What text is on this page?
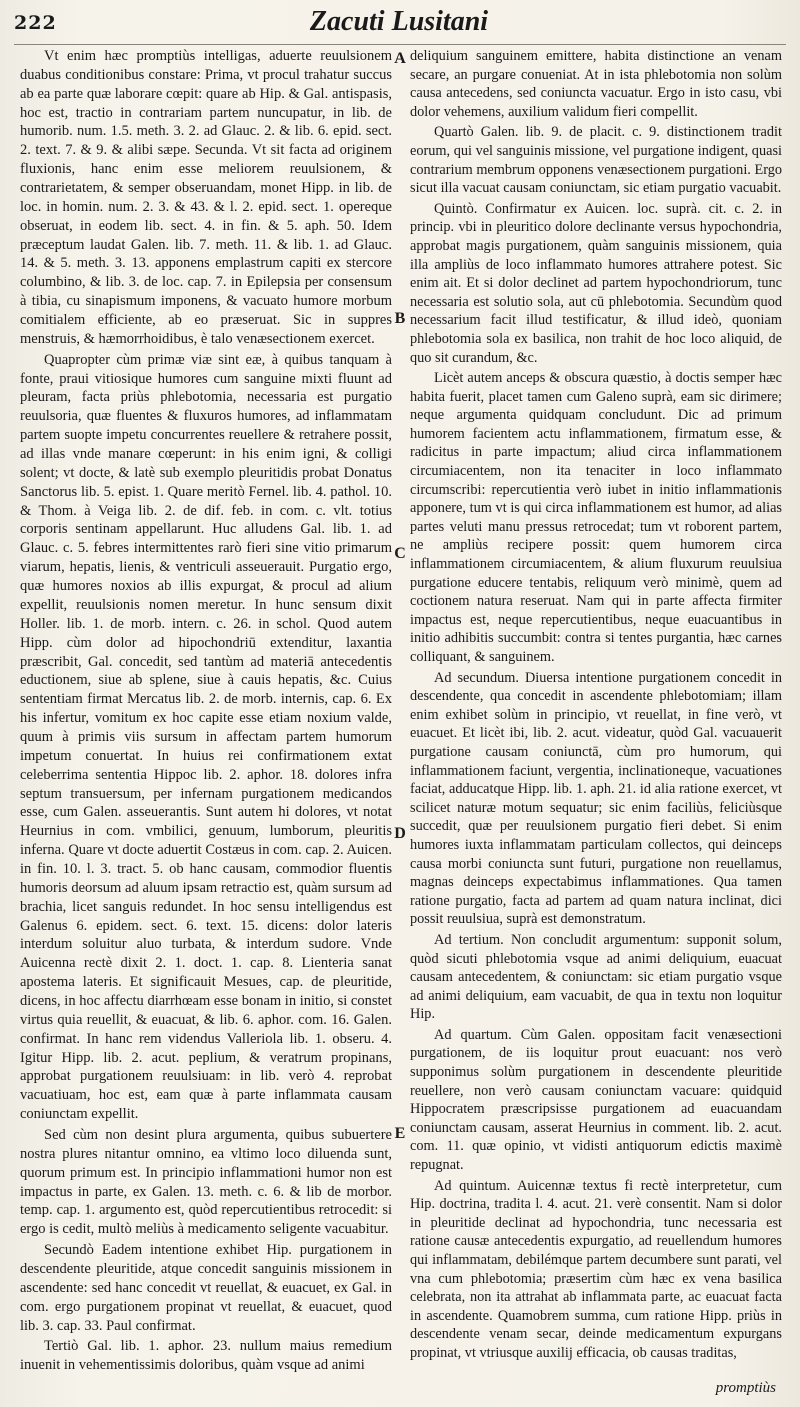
222	Zacuti Lusitani

Vt enim hæc promptiùs intelligas, aduerte reuulsionem duabus conditionibus constare: Prima, vt procul trahatur succus ab ea parte quæ laborare cœpit: quare ab Hip. & Gal. antispasis, hoc est, tractio in contrariam partem nuncupatur, in lib. de humorib. num. 1.5. meth. 3. 2. ad Glauc. 2. & lib. 6. epid. sect. 2. text. 7. & 9. & alibi sæpe. Secunda. Vt sit facta ad originem fluxionis, hanc enim esse meliorem reuulsionem, & contrarietatem, & semper obseruandam, monet Hipp. in lib. de loc. in homin. num. 2. 3. & 43. & l. 2. epid. sect. 1. opereque obseruat, in eodem lib. sect. 4. in fin. & 5. aph. 50. Idem præceptum laudat Galen. lib. 7. meth. 11. & lib. 1. ad Glauc. 14. & 5. meth. 3. 13. apponens emplastrum capiti ex stercore columbino, & lib. 3. de loc. cap. 7. in Epilepsia per consensum à tibia, cu sinapismum imponens, & vacuato humore morbum comitialem efficiente, ab eo præseruat. Sic in suppres menstruis, & hæmorrhoidibus, è talo venæsectionem exercet.

Quapropter cùm primæ viæ sint eæ, à quibus tanquam à fonte, praui vitiosique humores cum sanguine mixti fluunt ad pleuram, facta priùs phlebotomia, necessaria est purgatio reuulsoria, quæ fluentes & fluxuros humores, ad inflammatam partem suopte impetu concurrentes reuellere & retrahere possit, ad illas vnde manare cœperunt: in his enim igni, & colligi solent; vt docte, & latè sub exemplo pleuritidis probat Donatus Sanctorus lib. 5. epist. 1. Quare meritò Fernel. lib. 4. pathol. 10. & Thom. à Veiga lib. 2. de dif. feb. in com. c. vlt. totius corporis sentinam appellarunt. Huc alludens Gal. lib. 1. ad Glauc. c. 5. febres intermittentes rarò fieri sine vitio primarum viarum, hepatis, lienis, & ventriculi asseuerauit. Purgatio ergo, quæ humores noxios ab illis expurgat, & procul ad alium expellit, reuulsionis nomen meretur. In hunc sensum dixit Holler. lib. 1. de morb. intern. c. 26. in schol. Quod autem Hipp. cùm dolor ad hipochondriū extenditur, laxantia præscribit, Gal. concedit, sed tantùm ad materiā antecedentis eductionem, siue ab splene, siue à cauis hepatis, &c. Cuius sententiam firmat Mercatus lib. 2. de morb. internis, cap. 6. Ex his infertur, vomitum ex hoc capite esse etiam noxium valde, quum à primis viis sursum in affectam partem humorum impetum conuertat. In huius rei confirmationem extat celeberrima sententia Hippoc lib. 2. aphor. 18. dolores infra septum transuersum, per infernam purgationem medicandos esse, cum Galen. asseuerantis. Sunt autem hi dolores, vt notat Heurnius in com. vmbilici, genuum, lumborum, pleuritis inferna. Quare vt docte aduertit Costæus in com. cap. 2. Auicen. in fin. 10. l. 3. tract. 5. ob hanc causam, commodior fluentis humoris deorsum ad aluum ipsam retractio est, quàm sursum ad brachia, licet sanguis redundet. In hoc sensu intelligendus est Galenus 6. epidem. sect. 6. text. 15. dicens: dolor lateris interdum soluitur aluo turbata, & interdum sudore. Vnde Auicenna rectè dixit 2. 1. doct. 1. cap. 8. Lienteria sanat apostema lateris. Et significauit Mesues, cap. de pleuritide, dicens, in hoc affectu diarrhœam esse bonam in initio, si constet virtus quia reuellit, & euacuat, & lib. 6. aphor. com. 16. Galen. confirmat. In hanc rem videndus Valleriola lib. 1. obseru. 4. Igitur Hipp. lib. 2. acut. peplium, & veratrum propinans, approbat purgationem reuulsiuam: in lib. verò 4. reprobat vacuatiuam, hoc est, eam quæ à parte inflammata causam coniunctam expellit.

Sed cùm non desint plura argumenta, quibus subuertere nostra plures nitantur omnino, ea vltimo loco diluenda sunt, quorum primum est. In principio inflammationi humor non est impactus in parte, ex Galen. 13. meth. c. 6. & lib de morbor. temp. cap. 1. argumento est, quòd repercutientibus retrocedit: si ergo is cedit, multò meliùs à medicamento seligente vacuabitur.

Secundò Eadem intentione exhibet Hip. purgationem in descendente pleuritide, atque concedit sanguinis missionem in ascendente: sed hanc concedit vt reuellat, & euacuet, ex Gal. in com. ergo purgationem propinat vt reuellat, & euacuet, quod lib. 3. cap. 33. Paul confirmat.

Tertiò Gal. lib. 1. aphor. 23. nullum maius remedium inuenit in vehementissimis doloribus, quàm vsque ad animi

A
B
C
D
E

deliquium sanguinem emittere, habita distinctione an venam secare, an purgare conueniat. At in ista phlebotomia non solùm causa antecedens, sed coniuncta vacuatur. Ergo in isto casu, vbi dolor vehemens, auxilium validum fieri compellit.

Quartò Galen. lib. 9. de placit. c. 9. distinctionem tradit eorum, qui vel sanguinis missione, vel purgatione indigent, quasi contrarium membrum opponens venæsectionem purgationi. Ergo sicut illa vacuat causam coniunctam, sic etiam purgatio vacuabit.

Quintò. Confirmatur ex Auicen. loc. suprà. cit. c. 2. in princip. vbi in pleuritico dolore declinante versus hypochondria, approbat magis purgationem, quàm sanguinis missionem, quia illa ampliùs de loco inflammato humores attrahere potest. Sic enim ait. Et si dolor declinet ad partem hypochondriorum, tunc necessaria est solutio sola, aut cū phlebotomia. Secundùm quod necessarium facit illud testificatur, & illud ideò, quoniam phlebotomia sola ex basilica, non trahit de hoc loco aliquid, de quo sit curandum, &c.

Licèt autem anceps & obscura quæstio, à doctis semper hæc habita fuerit, placet tamen cum Galeno suprà, eam sic dirimere; neque argumenta quidquam concludunt. Dic ad primum humorem facientem actu inflammationem, firmatum esse, & radicitus in parte impactum; aliud circa inflammationem circumiacentem, non ita tenaciter in loco inflammato circumscribi: repercutientia verò iubet in initio inflammationis apponere, tum vt is qui circa inflammationem est humor, ad alias partes veluti manu pressus retrocedat; tum vt roborent partem, ne ampliùs recipere possit: quem humorem circa inflammationem circumiacentem, & alium fluxurum reuulsiua purgatione educere tentabis, reliquum verò minimè, quem ad coctionem natura reseruat. Nam qui in parte affecta firmiter impactus est, neque repercutientibus, neque euacuantibus in initio adhibitis succumbit: contra si tentes purgantia, hæc carnes colliquant, & sanguinem.

Ad secundum. Diuersa intentione purgationem concedit in descendente, qua concedit in ascendente phlebotomiam; illam enim exhibet solùm in principio, vt reuellat, in fine verò, vt euacuet. Et licèt ibi, lib. 2. acut. videatur, quòd Gal. vacuauerit purgatione causam coniunctā, cùm pro humorum, qui inflammationem faciunt, vergentia, inclinationeque, vacuationes faciat, adducatque Hipp. lib. 1. aph. 21. id alia ratione exercet, vt scilicet naturæ motum sequatur; sic enim faciliùs, feliciùsque succedit, quæ per reuulsionem purgatio fieri debet. Si enim humores iuxta inflammatam particulam collectos, qui deinceps causa morbi coniuncta sunt futuri, purgatione non reuellamus, magnas deinceps expectabimus inflammationes. Qua tamen ratione purgatio, facta ad partem ad quam natura inclinat, dici possit reuulsiua, suprà est demonstratum.

Ad tertium. Non concludit argumentum: supponit solum, quòd sicuti phlebotomia vsque ad animi deliquium, euacuat causam antecedentem, & coniunctam: sic etiam purgatio vsque ad animi deliquium, eam vacuabit, de qua in textu non loquitur Hip.

Ad quartum. Cùm Galen. oppositam facit venæsectioni purgationem, de iis loquitur prout euacuant: nos verò supponimus solùm purgationem in descendente pleuritide reuellere, non verò causam coniunctam vacuare: quidquid Hippocratem præscripsisse purgationem ad euacuandam coniunctam causam, asserat Heurnius in comment. lib. 2. acut. com. 11. quæ opinio, vt vidisti antiquorum edictis maximè repugnat.

Ad quintum. Auicennæ textus fi rectè interpretetur, cum Hip. doctrina, tradita l. 4. acut. 21. verè consentit. Nam si dolor in pleuritide declinat ad hypochondria, tunc necessaria est ratione causæ antecedentis expurgatio, ad reuellendum humores qui inflammatam, debilémque partem decumbere sunt parati, vel vna cum phlebotomia; præsertim cùm hæc ex vena basilica celebrata, non ita attrahat ab inflammata parte, ac euacuat facta in ascendente. Quamobrem summa, cum ratione Hipp. priùs in descendente venam secar, deinde medicamentum expurgans propinat, vt vtriusque auxilij efficacia, ob causas traditas,

promptiùs
